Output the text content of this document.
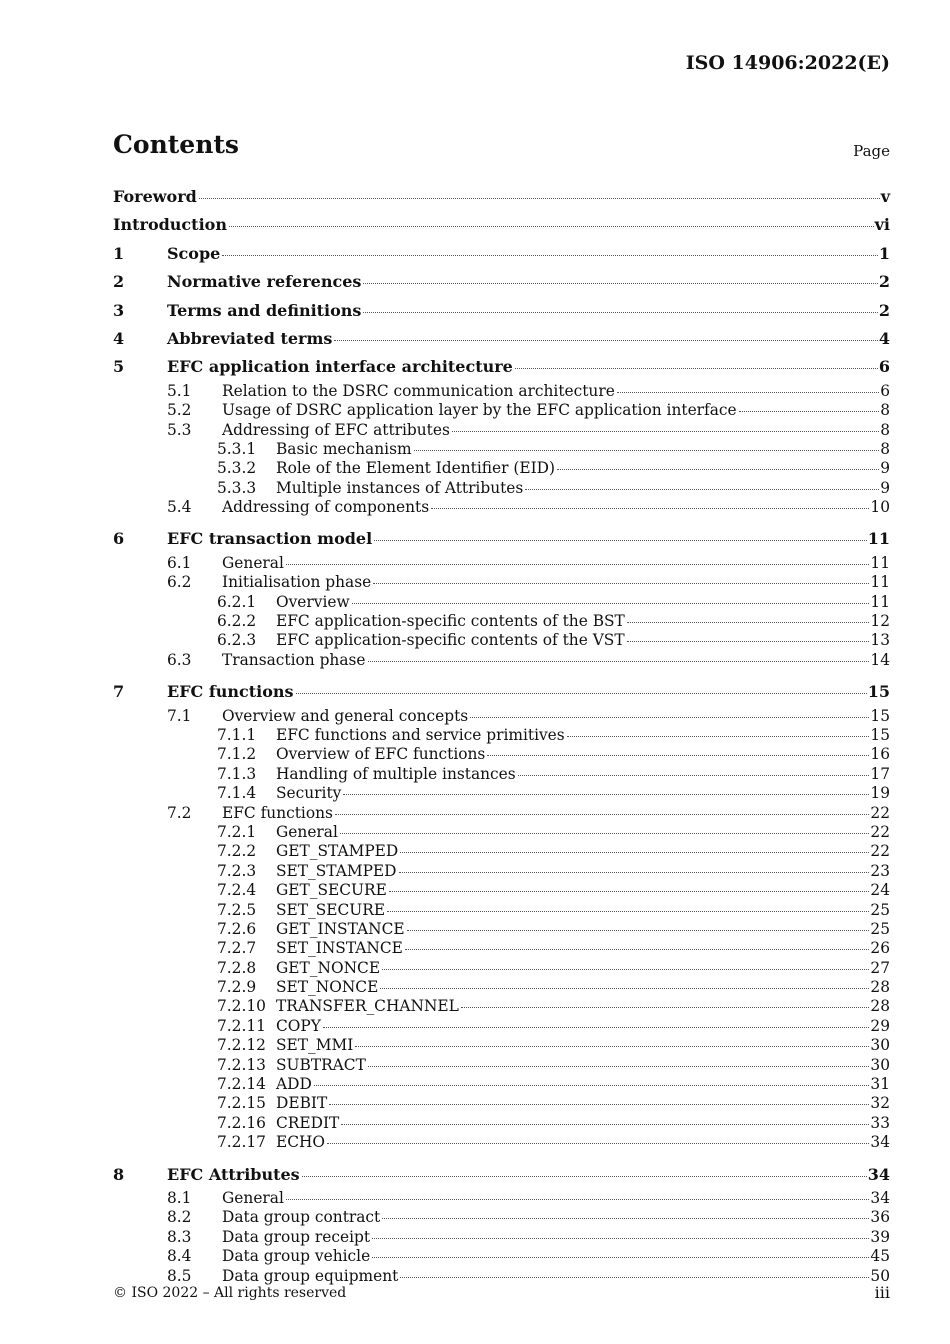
ISO 14906:2022(E)
Contents	Page
Foreword	v
Introduction	vi
1	Scope	1
2	Normative references	2
3	Terms and definitions	2
4	Abbreviated terms	4
5	EFC application interface architecture	6
5.1 Relation to the DSRC communication architecture	6
5.2 Usage of DSRC application layer by the EFC application interface	8
5.3 Addressing of EFC attributes	8
5.3.1 Basic mechanism	8
5.3.2 Role of the Element Identifier (EID)	9
5.3.3 Multiple instances of Attributes	9
5.4 Addressing of components	10
6	EFC transaction model	11
6.1 General	11
6.2 Initialisation phase	11
6.2.1 Overview	11
6.2.2 EFC application-specific contents of the BST	12
6.2.3 EFC application-specific contents of the VST	13
6.3 Transaction phase	14
7	EFC functions	15
7.1 Overview and general concepts	15
7.1.1 EFC functions and service primitives	15
7.1.2 Overview of EFC functions	16
7.1.3 Handling of multiple instances	17
7.1.4 Security	19
7.2 EFC functions	22
7.2.1 General	22
7.2.2 GET_STAMPED	22
7.2.3 SET_STAMPED	23
7.2.4 GET_SECURE	24
7.2.5 SET_SECURE	25
7.2.6 GET_INSTANCE	25
7.2.7 SET_INSTANCE	26
7.2.8 GET_NONCE	27
7.2.9 SET_NONCE	28
7.2.10 TRANSFER_CHANNEL	28
7.2.11 COPY	29
7.2.12 SET_MMI	30
7.2.13 SUBTRACT	30
7.2.14 ADD	31
7.2.15 DEBIT	32
7.2.16 CREDIT	33
7.2.17 ECHO	34
8	EFC Attributes	34
8.1 General	34
8.2 Data group contract	36
8.3 Data group receipt	39
8.4 Data group vehicle	45
8.5 Data group equipment	50
© ISO 2022 – All rights reserved	iii
